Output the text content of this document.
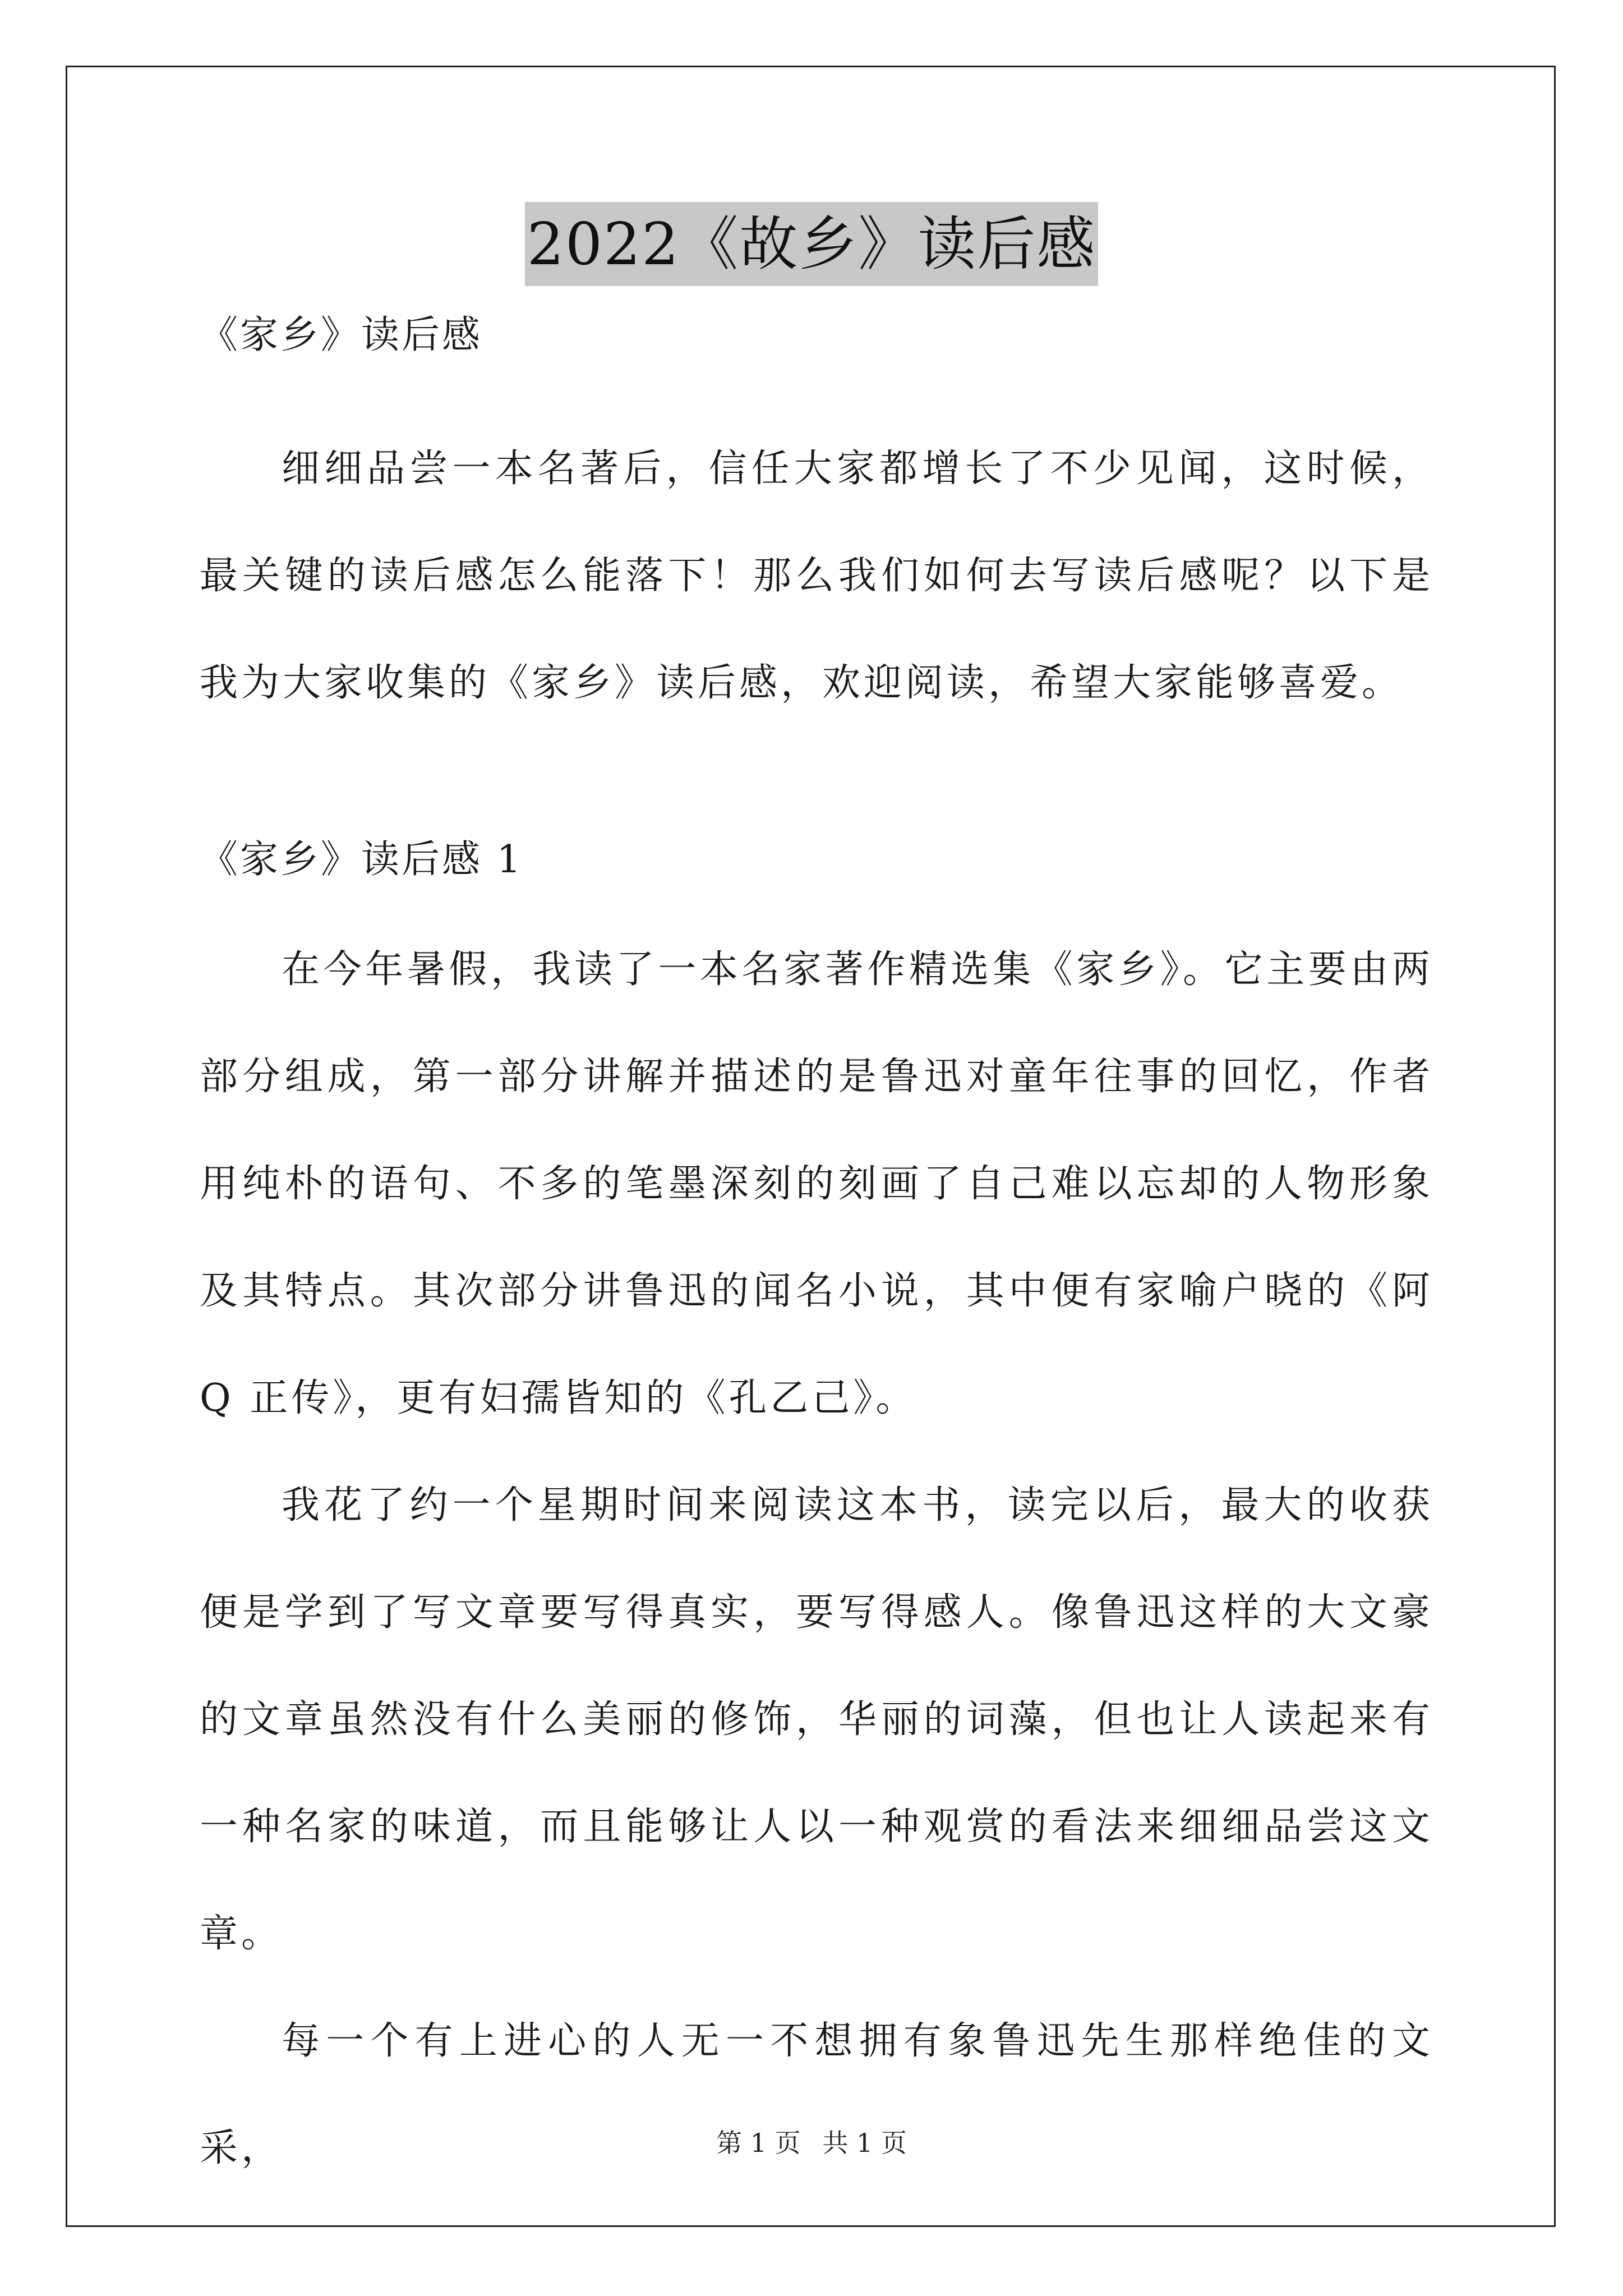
2022《故乡》读后感

《家乡》读后感

细细品尝一本名著后，信任大家都增长了不少见闻，这时候，最关键的读后感怎么能落下！那么我们如何去写读后感呢？以下是我为大家收集的《家乡》读后感，欢迎阅读，希望大家能够喜爱。

《家乡》读后感 1

在今年暑假，我读了一本名家著作精选集《家乡》。它主要由两部分组成，第一部分讲解并描述的是鲁迅对童年往事的回忆，作者用纯朴的语句、不多的笔墨深刻的刻画了自己难以忘却的人物形象及其特点。其次部分讲鲁迅的闻名小说，其中便有家喻户晓的《阿 Q 正传》，更有妇孺皆知的《孔乙己》。

我花了约一个星期时间来阅读这本书，读完以后，最大的收获便是学到了写文章要写得真实，要写得感人。像鲁迅这样的大文豪的文章虽然没有什么美丽的修饰，华丽的词藻，但也让人读起来有一种名家的味道，而且能够让人以一种观赏的看法来细细品尝这文章。

每一个有上进心的人无一不想拥有象鲁迅先生那样绝佳的文采，	第 1 页 共 1 页
